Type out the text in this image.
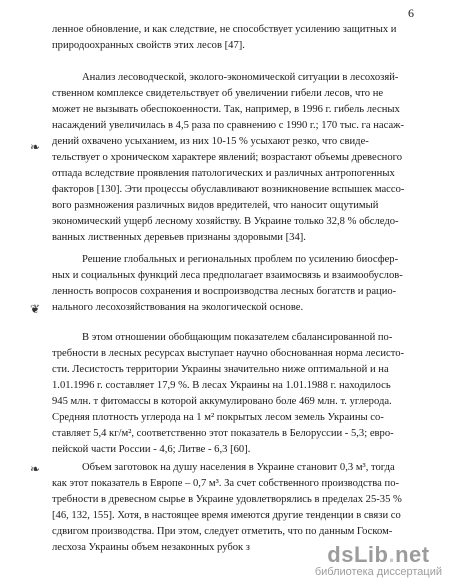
6

ленное обновление, и как следствие, не способствует усилению защитных и
природоохранных свойств этих лесов [47].

Анализ лесоводческой, эколого-экономической ситуации в лесохозяй-
ственном комплексе свидетельствует об увеличении гибели лесов, что не
может не вызывать обеспокоенности. Так, например, в 1996 г. гибель лесных
насаждений увеличилась в 4,5 раза по сравнению с 1990 г.; 170 тыс. га насаж-
дений охвачено усыханием, из них 10-15 % усыхают резко, что свиде-
тельствует о хроническом характере явлений; возрастают объемы древесного
отпада вследствие проявления патологических и различных антропогенных
факторов [130]. Эти процессы обуславливают возникновение вспышек массо-
вого размножения различных видов вредителей, что наносит ощутимый
экономический ущерб лесному хозяйству. В Украине только 32,8 % обследо-
ванных лиственных деревьев признаны здоровыми [34].

Решение глобальных и региональных проблем по усилению биосфер-
ных и социальных функций леса предполагает взаимосвязь и взаимообуслов-
ленность вопросов сохранения и воспроизводства лесных богатств и рацио-
нального лесохозяйствования на экологической основе.

В этом отношении обобщающим показателем сбалансированной по-
требности в лесных ресурсах выступает научно обоснованная норма лесисто-
сти. Лесистость территории Украины значительно ниже оптимальной и на
1.01.1996 г. составляет 17,9 %. В лесах Украины на 1.01.1988 г. находилось
945 млн. т фитомассы в которой аккумулировано боле 469 млн. т. углерода.
Средняя плотность углерода на 1 м² покрытых лесом земель Украины со-
ставляет 5,4 кг/м², соответственно этот показатель в Белоруссии - 5,3; евро-
пейской части России - 4,6; Литве - 6,3 [60].

Объем заготовок на душу населения в Украине становит 0,3 м³, тогда
как этот показатель в Европе – 0,7 м³. За счет собственного производства по-
требности в древесном сырье в Украине удовлетворялись в пределах 25-35 %
[46, 132, 155]. Хотя, в настоящее время имеются другие тенденции в связи со
сдвигом производства. При этом, следует отметить, что по данным Госком-
лесхоза Украины объем незаконных рубок з

❧
❦
❧
dsLib.net
библиотека диссертаций
